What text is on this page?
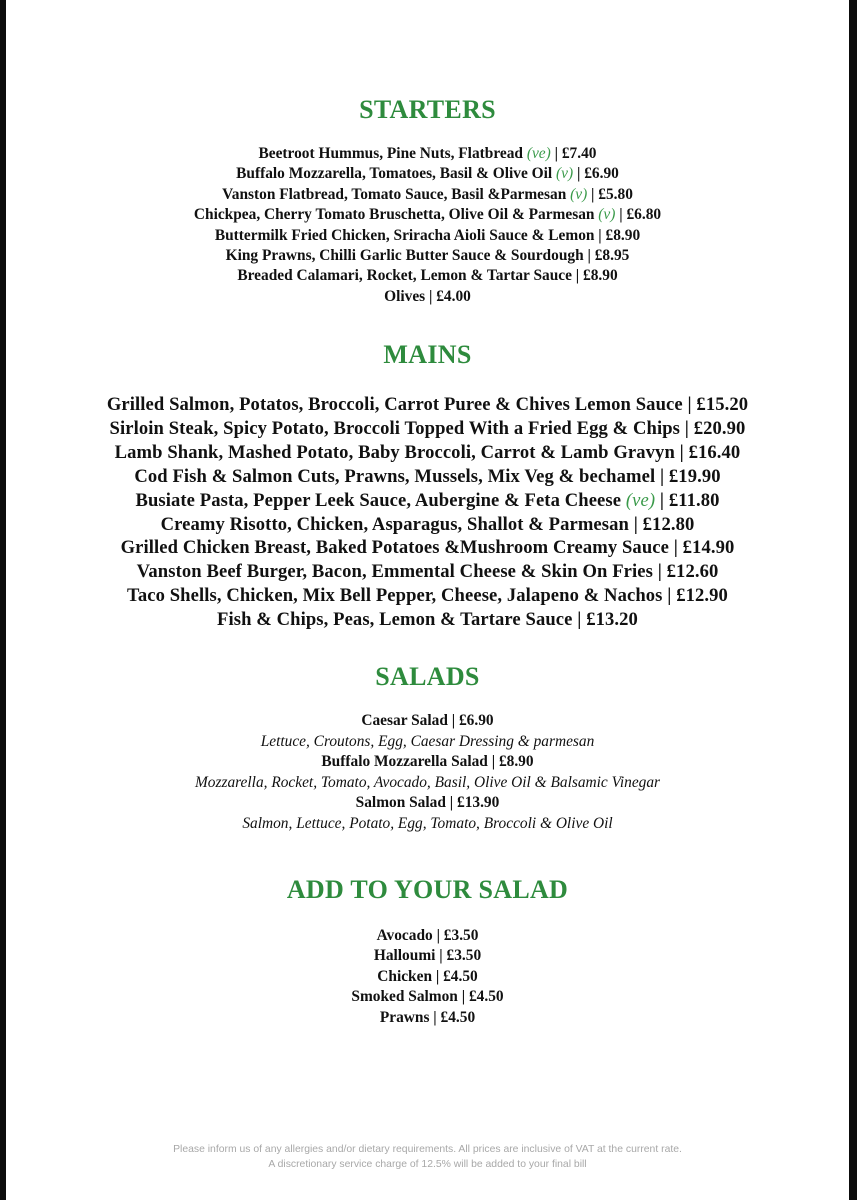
STARTERS
Beetroot Hummus, Pine Nuts, Flatbread (ve) | £7.40
Buffalo Mozzarella, Tomatoes, Basil & Olive Oil (v) | £6.90
Vanston Flatbread, Tomato Sauce, Basil &Parmesan (v) | £5.80
Chickpea, Cherry Tomato Bruschetta, Olive Oil & Parmesan (v) | £6.80
Buttermilk Fried Chicken, Sriracha Aioli Sauce & Lemon | £8.90
King Prawns, Chilli Garlic Butter Sauce & Sourdough | £8.95
Breaded Calamari, Rocket, Lemon & Tartar Sauce | £8.90
Olives | £4.00
MAINS
Grilled Salmon, Potatos, Broccoli, Carrot Puree & Chives Lemon Sauce | £15.20
Sirloin Steak, Spicy Potato, Broccoli Topped With a Fried Egg & Chips | £20.90
Lamb Shank, Mashed Potato, Baby Broccoli, Carrot & Lamb Gravyn | £16.40
Cod Fish & Salmon Cuts, Prawns, Mussels, Mix Veg & bechamel | £19.90
Busiate Pasta, Pepper Leek Sauce, Aubergine & Feta Cheese (ve) | £11.80
Creamy Risotto, Chicken, Asparagus, Shallot & Parmesan | £12.80
Grilled Chicken Breast, Baked Potatoes &Mushroom Creamy Sauce | £14.90
Vanston Beef Burger, Bacon, Emmental Cheese & Skin On Fries | £12.60
Taco Shells, Chicken, Mix Bell Pepper, Cheese, Jalapeno & Nachos | £12.90
Fish & Chips, Peas, Lemon & Tartare Sauce | £13.20
SALADS
Caesar Salad | £6.90
Lettuce, Croutons, Egg, Caesar Dressing & parmesan
Buffalo Mozzarella Salad | £8.90
Mozzarella, Rocket, Tomato, Avocado, Basil, Olive Oil & Balsamic Vinegar
Salmon Salad | £13.90
Salmon, Lettuce, Potato, Egg, Tomato, Broccoli & Olive Oil
ADD TO YOUR SALAD
Avocado | £3.50
Halloumi | £3.50
Chicken | £4.50
Smoked Salmon | £4.50
Prawns | £4.50
Please inform us of any allergies and/or dietary requirements. All prices are inclusive of VAT at the current rate.
A discretionary service charge of 12.5% will be added to your final bill
